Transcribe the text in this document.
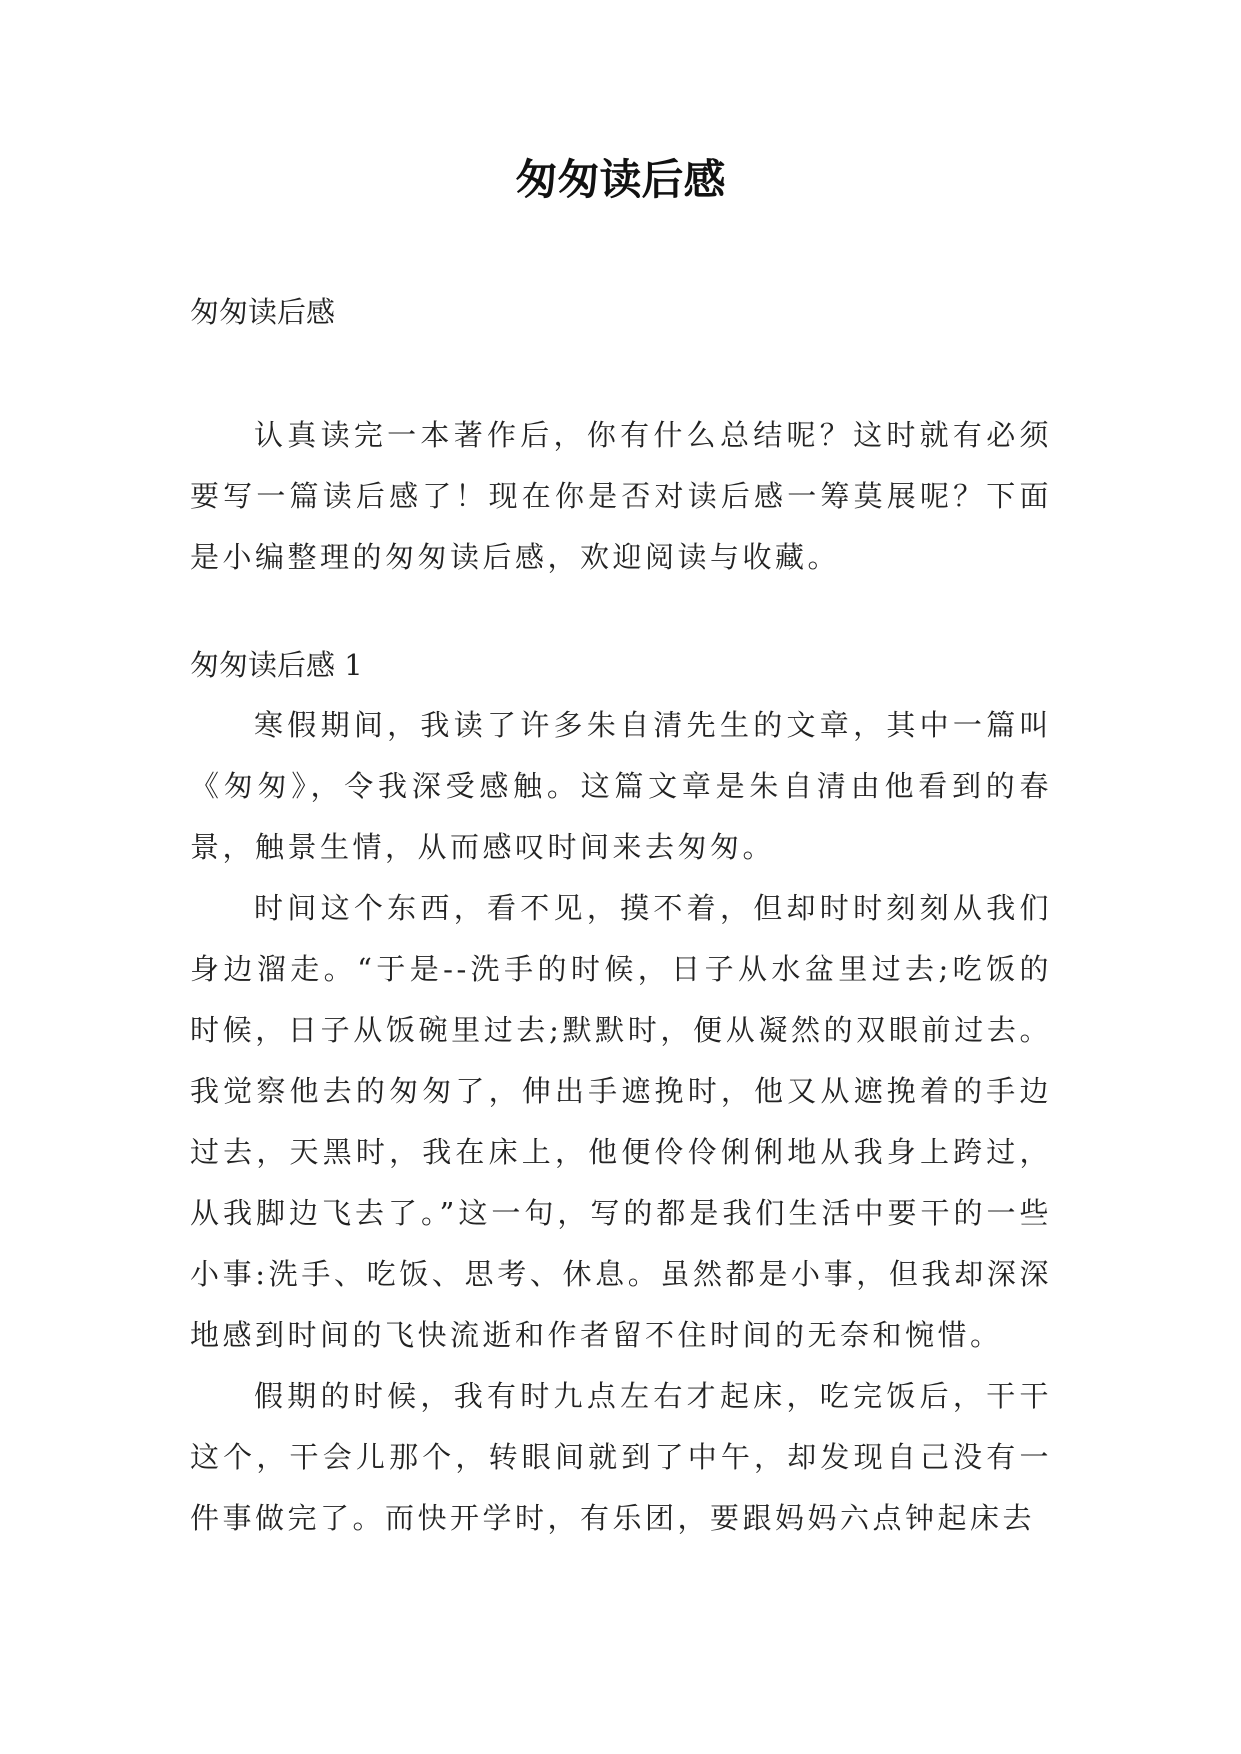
匆匆读后感

匆匆读后感

认真读完一本著作后，你有什么总结呢？这时就有必须要写一篇读后感了！现在你是否对读后感一筹莫展呢？下面是小编整理的匆匆读后感，欢迎阅读与收藏。

匆匆读后感 1

寒假期间，我读了许多朱自清先生的文章，其中一篇叫《匆匆》，令我深受感触。这篇文章是朱自清由他看到的春景，触景生情，从而感叹时间来去匆匆。

时间这个东西，看不见，摸不着，但却时时刻刻从我们身边溜走。“于是--洗手的时候，日子从水盆里过去;吃饭的时候，日子从饭碗里过去;默默时，便从凝然的双眼前过去。我觉察他去的匆匆了，伸出手遮挽时，他又从遮挽着的手边过去，天黑时，我在床上，他便伶伶俐俐地从我身上跨过，从我脚边飞去了。”这一句，写的都是我们生活中要干的一些小事:洗手、吃饭、思考、休息。虽然都是小事，但我却深深地感到时间的飞快流逝和作者留不住时间的无奈和惋惜。

假期的时候，我有时九点左右才起床，吃完饭后，干干这个，干会儿那个，转眼间就到了中午，却发现自己没有一件事做完了。而快开学时，有乐团，要跟妈妈六点钟起床去
